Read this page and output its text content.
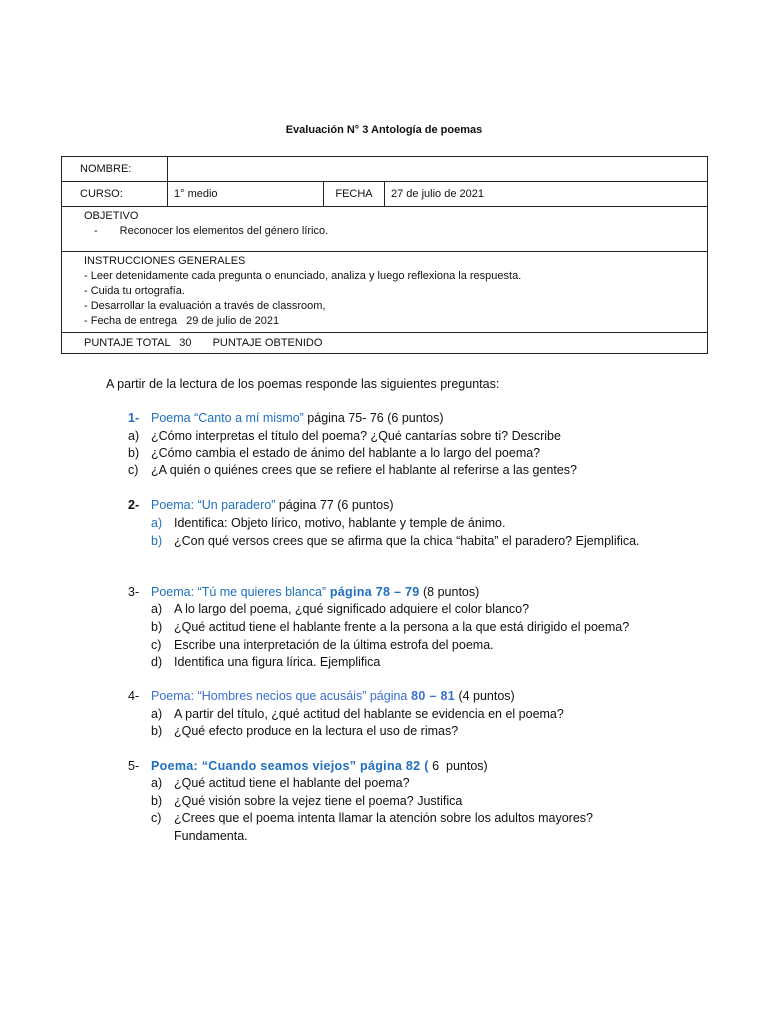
Evaluación N° 3 Antología de poemas
NOMBRE:			
CURSO:	1° medio	FECHA	27 de julio de 2021

OBJETIVO
- Reconocer los elementos del género lírico.			

INSTRUCCIONES GENERALES
- Leer detenidamente cada pregunta o enunciado, analiza y luego reflexiona la respuesta.
- Cuida tu ortografía.
- Desarrollar la evaluación a través de classroom,
- Fecha de entrega   29 de julio de 2021			

PUNTAJE TOTAL 30 PUNTAJE OBTENIDO			
A partir de la lectura de los poemas responde las siguientes preguntas:
1- Poema “Canto a mí mismo” página 75- 76 (6 puntos)
a) ¿Cómo interpretas el título del poema? ¿Qué cantarías sobre ti? Describe
b) ¿Cómo cambia el estado de ánimo del hablante a lo largo del poema?
c) ¿A quién o quiénes crees que se refiere el hablante al referirse a las gentes?
2- Poema: “Un paradero” página 77 (6 puntos)
a) Identifica: Objeto lírico, motivo, hablante y temple de ánimo.
b) ¿Con qué versos crees que se afirma que la chica “habita” el paradero? Ejemplifica.
3- Poema: “Tú me quieres blanca” página 78 – 79 (8 puntos)
a) A lo largo del poema, ¿qué significado adquiere el color blanco?
b) ¿Qué actitud tiene el hablante frente a la persona a la que está dirigido el poema?
c) Escribe una interpretación de la última estrofa del poema.
d) Identifica una figura lírica. Ejemplifica
4- Poema: “Hombres necios que acusáis” página 80 – 81 (4 puntos)
a) A partir del título, ¿qué actitud del hablante se evidencia en el poema?
b) ¿Qué efecto produce en la lectura el uso de rimas?
5- Poema: “Cuando seamos viejos” página 82 ( 6  puntos)
a) ¿Qué actitud tiene el hablante del poema?
b) ¿Qué visión sobre la vejez tiene el poema? Justifica
c) ¿Crees que el poema intenta llamar la atención sobre los adultos mayores?
Fundamenta.
